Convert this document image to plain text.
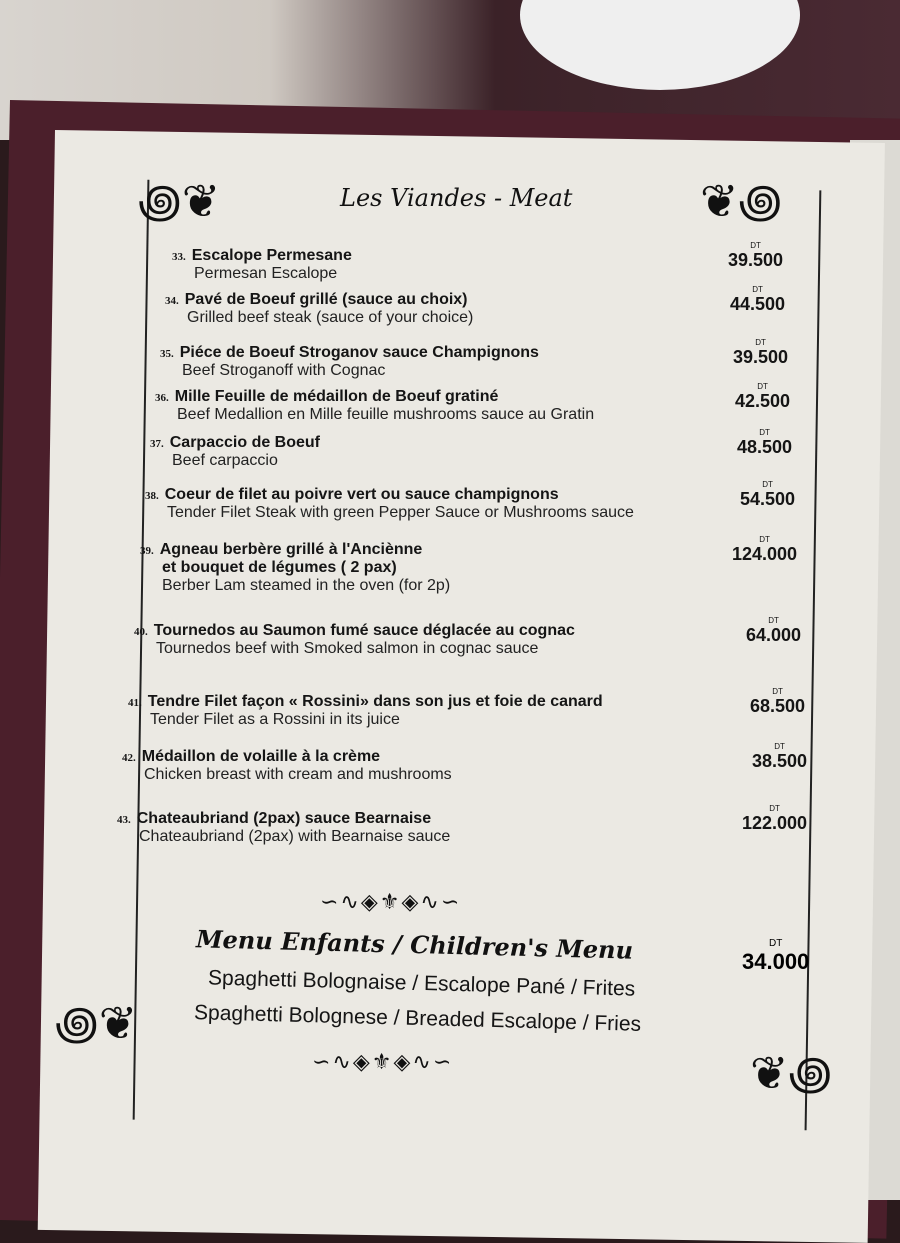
꩜❦	❦꩜
꩜❦
❦꩜
Les Viandes - Meat
33. Escalope Permesane
Permesan Escalope
DT
39.500
34. Pavé de Boeuf grillé (sauce au choix)
Grilled beef steak (sauce of your choice)
DT
44.500
35. Piéce de Boeuf Stroganov sauce Champignons
Beef Stroganoff with Cognac
DT
39.500
36. Mille Feuille de médaillon de Boeuf gratiné
Beef Medallion en Mille feuille mushrooms sauce au Gratin
DT
42.500
37. Carpaccio de Boeuf
Beef carpaccio
DT
48.500
38. Coeur de filet au poivre vert ou sauce champignons
Tender Filet Steak with green Pepper Sauce or Mushrooms sauce
DT
54.500
39. Agneau berbère grillé à l'Anciènne
et bouquet de légumes ( 2 pax)
Berber Lam steamed in the oven (for 2p)
DT
124.000
40. Tournedos au Saumon fumé sauce déglacée au cognac
Tournedos beef with Smoked salmon in cognac sauce
DT
64.000
41. Tendre Filet façon « Rossini» dans son jus et foie de canard
Tender Filet as a Rossini in its juice
DT
68.500
42. Médaillon de volaille à la crème
Chicken breast with cream and mushrooms
DT
38.500
43. Chateaubriand (2pax) sauce Bearnaise
Chateaubriand (2pax) with Bearnaise sauce
DT
122.000
∽∿◈⚜◈∿∽
Menu Enfants / Children's Menu
Spaghetti Bolognaise / Escalope Pané / Frites
Spaghetti Bolognese / Breaded Escalope / Fries
DT
34.000
∽∿◈⚜◈∿∽
